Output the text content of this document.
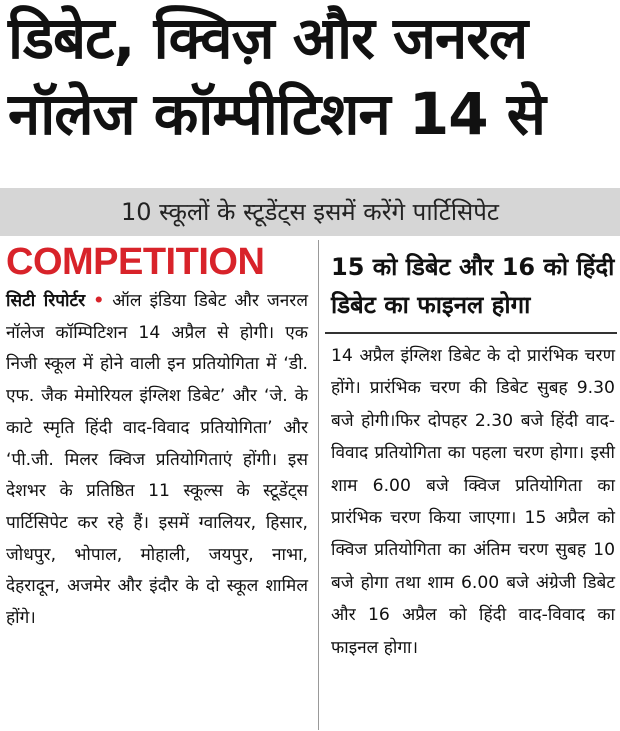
डिबेट, क्विज़ और जनरल
नॉलेज कॉम्पीटिशन 14 से
10 स्कूलों के स्टूडेंट्स इसमें करेंगे पार्टिसिपेट
COMPETITION
सिटी रिपोर्टर • ऑल इंडिया डिबेट और जनरल नॉलेज कॉम्पिटिशन 14 अप्रैल से होगी। एक निजी स्कूल में होने वाली इन प्रतियोगिता में ‘डी. एफ. जैक मेमोरियल इंग्लिश डिबेट’ और ‘जे. के काटे स्मृति हिंदी वाद-विवाद प्रतियोगिता’ और ‘पी.जी. मिलर क्विज प्रतियोगिताएं होंगी। इस देशभर के प्रतिष्ठित 11 स्कूल्स के स्टूडेंट्स पार्टिसिपेट कर रहे हैं। इसमें ग्वालियर, हिसार, जोधपुर, भोपाल, मोहाली, जयपुर, नाभा, देहरादून, अजमेर और इंदौर के दो स्कूल शामिल होंगे।
15 को डिबेट और 16 को हिंदी डिबेट का फाइनल होगा
14 अप्रैल इंग्लिश डिबेट के दो प्रारंभिक चरण होंगे। प्रारंभिक चरण की डिबेट सुबह 9.30 बजे होगी।फिर दोपहर 2.30 बजे हिंदी वाद-विवाद प्रतियोगिता का पहला चरण होगा। इसी शाम 6.00 बजे क्विज प्रतियोगिता का प्रारंभिक चरण किया जाएगा। 15 अप्रैल को क्विज प्रतियोगिता का अंतिम चरण सुबह 10 बजे होगा तथा शाम 6.00 बजे अंग्रेजी डिबेट और 16 अप्रैल को हिंदी वाद-विवाद का फाइनल होगा।
